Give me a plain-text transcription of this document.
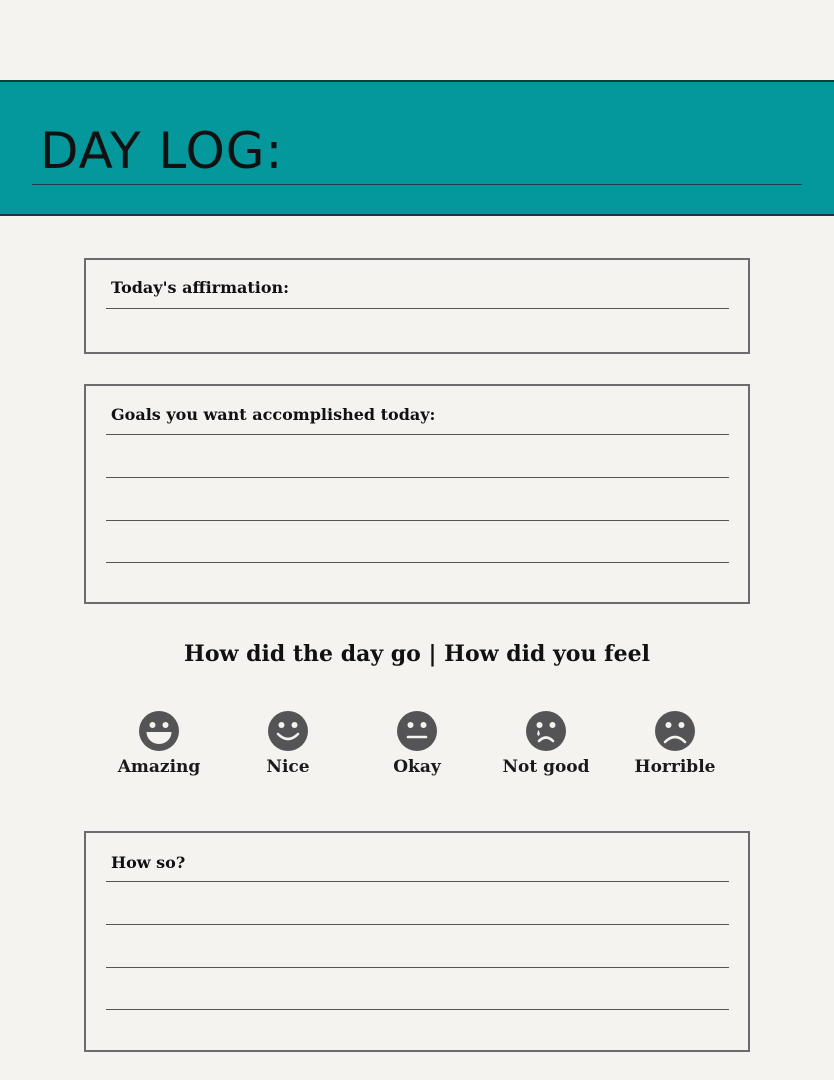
DAY LOG:
Today's affirmation:
Goals you want accomplished today:
How did the day go | How did you feel
Amazing	Nice	Okay	Not good	Horrible
How so?
